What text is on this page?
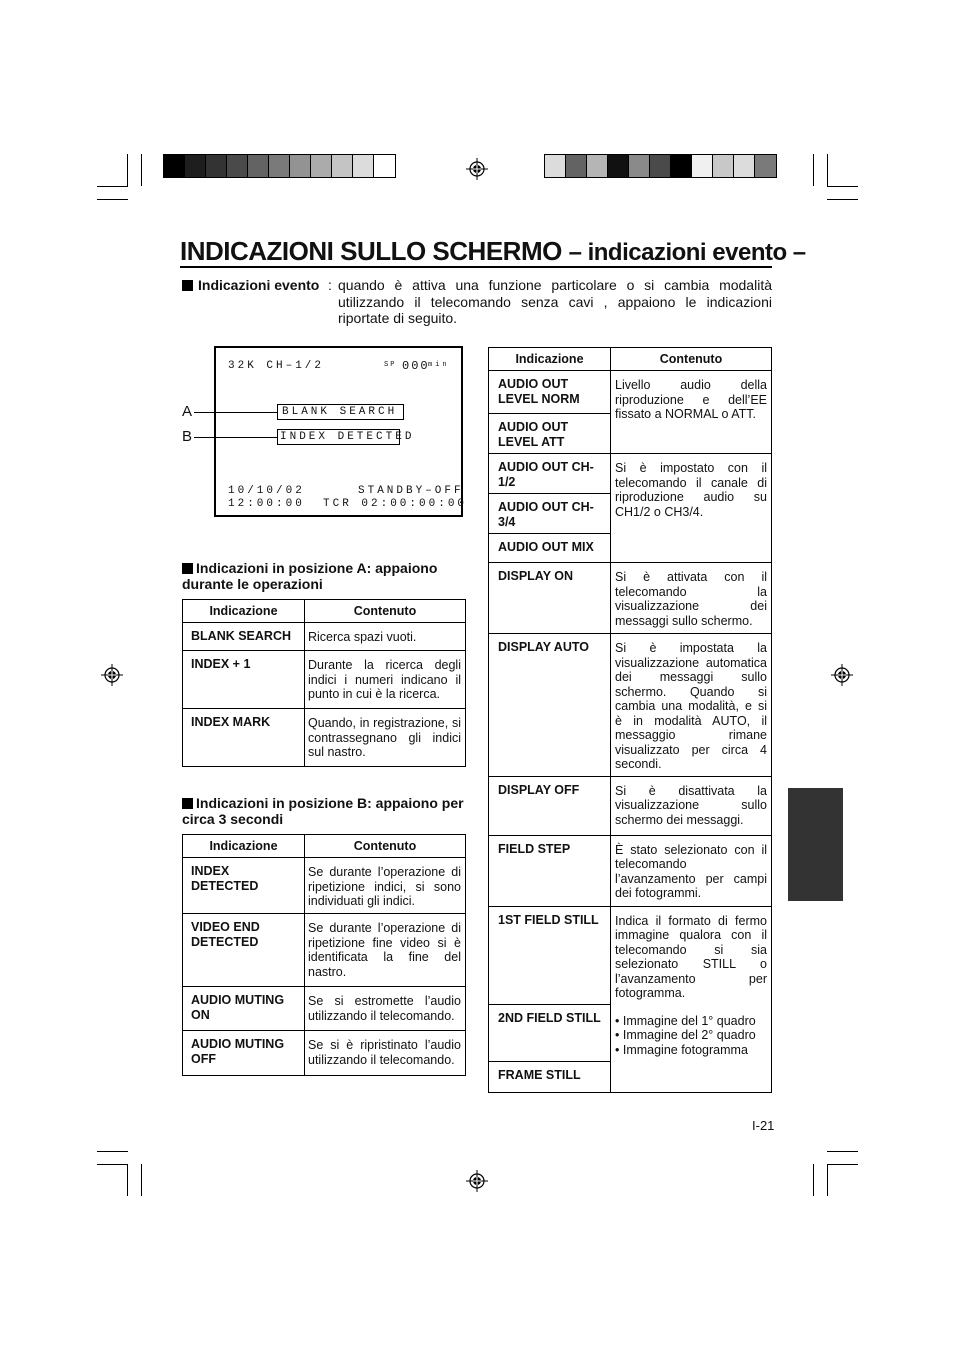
INDICAZIONI SULLO SCHERMO – indicazioni evento –
Indicazioni evento : quando è attiva una funzione particolare o si cambia modalità utilizzando il telecomando senza cavi , appaiono le indicazioni riportate di seguito.
32K CH–1/2	SP 000
min
10/10/02	STANDBY–OFF
12:00:00 TCR 02:00:00:00
BLANK SEARCH
INDEX DETECTED
A
B
Indicazioni in posizione A: appaiono durante le operazioni
Indicazione	Contenuto
BLANK SEARCH	Ricerca spazi vuoti.
INDEX + 1	Durante la ricerca degli indici i numeri indicano il punto in cui è la ricerca.
INDEX MARK	Quando, in registrazione, si contrassegnano gli indici sul nastro.
Indicazioni in posizione B: appaiono per circa 3 secondi
Indicazione	Contenuto
INDEX DETECTED	Se durante l’operazione di ripetizione indici, si sono individuati gli indici.
VIDEO END DETECTED	Se durante l’operazione di ripetizione fine video si è identificata la fine del nastro.
AUDIO MUTING ON	Se si estromette l’audio utilizzando il telecomando.
AUDIO MUTING OFF	Se si è ripristinato l’audio utilizzando il telecomando.
Indicazione	Contenuto
AUDIO OUT LEVEL NORM	Livello audio della riproduzione e dell’EE fissato a NORMAL o ATT.
AUDIO OUT LEVEL ATT	
AUDIO OUT CH-1/2	Si è impostato con il telecomando il canale di riproduzione audio su CH1/2 o CH3/4.
AUDIO OUT CH-3/4	
AUDIO OUT MIX	
DISPLAY ON	Si è attivata con il telecomando la visualizzazione dei messaggi sullo schermo.
DISPLAY AUTO	Si è impostata la visualizzazione automatica dei messaggi sullo schermo. Quando si cambia una modalità, e si è in modalità AUTO, il messaggio rimane visualizzato per circa 4 secondi.
DISPLAY OFF	Si è disattivata la visualizzazione sullo schermo dei messaggi.
FIELD STEP	È stato selezionato con il telecomando l’avanzamento per campi dei fotogrammi.
1ST FIELD STILL	Indica il formato di fermo immagine qualora con il telecomando si sia selezionato STILL o l’avanzamento per fotogramma.
2ND FIELD STILL	• Immagine del 1° quadro
• Immagine del 2° quadro
• Immagine fotogramma

FRAME STILL	
I-21
